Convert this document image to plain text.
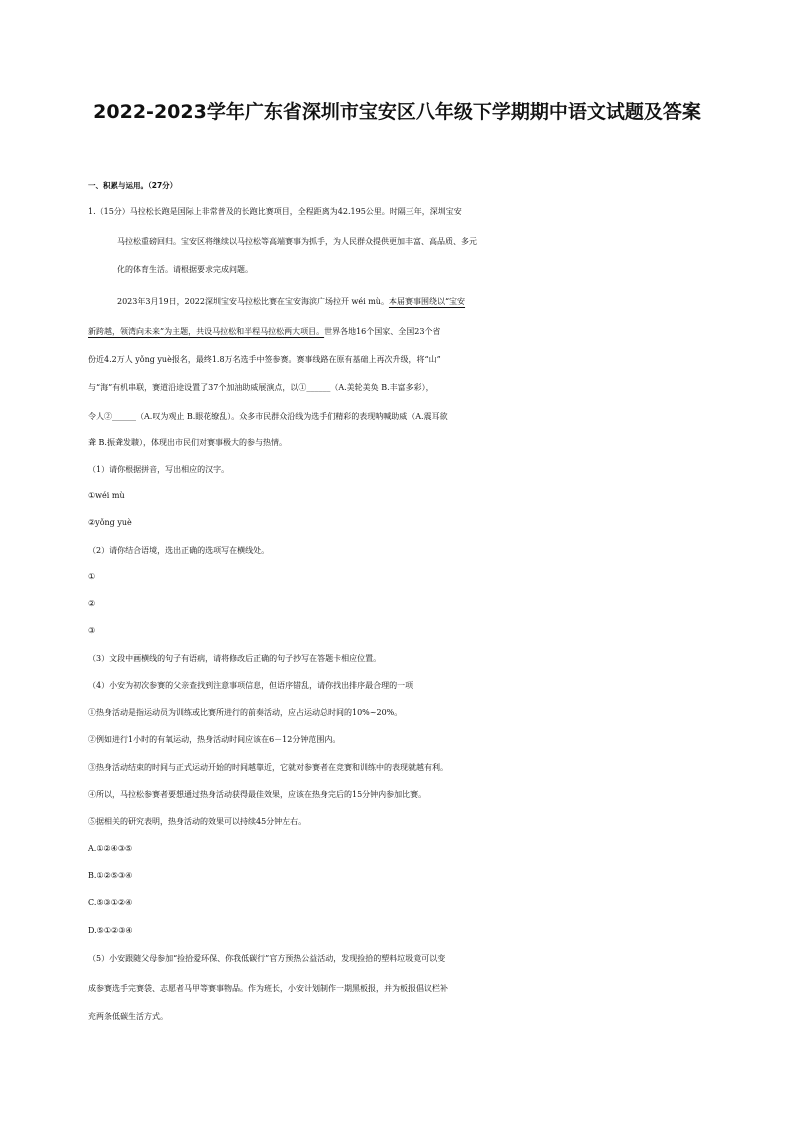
2022-2023学年广东省深圳市宝安区八年级下学期期中语文试题及答案
一、积累与运用。（27分）
1.（15分）马拉松长跑是国际上非常普及的长跑比赛项目，全程距离为42.195公里。时隔三年，深圳宝安
马拉松重磅回归。宝安区将继续以马拉松等高端赛事为抓手，为人民群众提供更加丰富、高品质、多元
化的体育生活。请根据要求完成问题。
2023年3月19日，2022深圳宝安马拉松比赛在宝安海滨广场拉开 wéi mù。本届赛事围绕以“宝安
新跨越，领湾向未来”为主题，共设马拉松和半程马拉松两大项目。世界各地16个国家、全国23个省
份近4.2万人 yǒng yuè报名，最终1.8万名选手中签参赛。赛事线路在原有基础上再次升级，将“山”
与“海”有机串联，赛道沿途设置了37个加油助威展演点，以①______（A.美轮美奂 B.丰富多彩），
令人②______（A.叹为观止 B.眼花缭乱）。众多市民群众沿线为选手们精彩的表现呐喊助威（A.震耳欲
聋 B.振聋发聩），体现出市民们对赛事极大的参与热情。
（1）请你根据拼音，写出相应的汉字。
①wéi mù
②yǒng yuè
（2）请你结合语境，选出正确的选项写在横线处。
①
②
③
（3）文段中画横线的句子有语病，请将修改后正确的句子抄写在答题卡相应位置。
（4）小安为初次参赛的父亲查找到注意事项信息，但语序错乱，请你找出排序最合理的一项
①热身活动是指运动员为训练或比赛所进行的前奏活动，应占运动总时间的10%~20%。
②例如进行1小时的有氧运动，热身活动时间应该在6－12分钟范围内。
③热身活动结束的时间与正式运动开始的时间越靠近，它就对参赛者在竞赛和训练中的表现就越有利。
④所以，马拉松参赛者要想通过热身活动获得最佳效果，应该在热身完后的15分钟内参加比赛。
⑤据相关的研究表明，热身活动的效果可以持续45分钟左右。
A.①②④③⑤
B.①②⑤③④
C.⑤③①②④
D.⑤①②③④
（5）小安跟随父母参加“捡拾爱环保、你我低碳行”官方预热公益活动，发现捡拾的塑料垃圾竟可以变
成参赛选手完赛袋、志愿者马甲等赛事物品。作为班长，小安计划制作一期黑板报，并为板报倡议栏补
充两条低碳生活方式。
